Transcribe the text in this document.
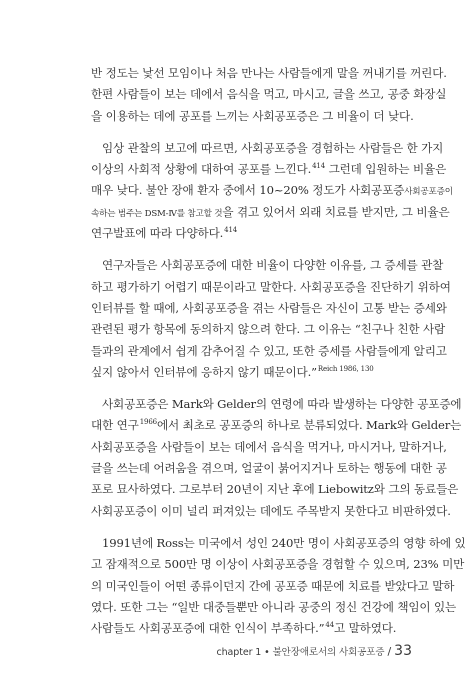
반 정도는 낯선 모임이나 처음 만나는 사람들에게 말을 꺼내기를 꺼린다.
한편 사람들이 보는 데에서 음식을 먹고, 마시고, 글을 쓰고, 공중 화장실
을 이용하는 데에 공포를 느끼는 사회공포증은 그 비율이 더 낮다.
임상 관찰의 보고에 따르면, 사회공포증을 경험하는 사람들은 한 가지
이상의 사회적 상황에 대하여 공포를 느낀다.$^{414}$ 그런데 입원하는 비율은
매우 낮다. 불안 장애 환자 중에서 10~20% 정도가 사회공포증사회공포증이
속하는 범주는 DSM-Ⅳ를 참고할 것을 겪고 있어서 외래 치료를 받지만, 그 비율은
연구발표에 따라 다양하다.$^{414}$
연구자들은 사회공포증에 대한 비율이 다양한 이유를, 그 증세를 관찰
하고 평가하기 어렵기 때문이라고 말한다. 사회공포증을 진단하기 위하여
인터뷰를 할 때에, 사회공포증을 겪는 사람들은 자신이 고통 받는 증세와
관련된 평가 항목에 동의하지 않으려 한다. 그 이유는 “친구나 친한 사람
들과의 관계에서 쉽게 감추어질 수 있고, 또한 증세를 사람들에게 알리고
싶지 않아서 인터뷰에 응하지 않기 때문이다.”$^{Reich 1986, 130}$
사회공포증은 Mark와 Gelder의 연령에 따라 발생하는 다양한 공포증에
대한 연구$^{1966}$에서 최초로 공포증의 하나로 분류되었다. Mark와 Gelder는
사회공포증을 사람들이 보는 데에서 음식을 먹거나, 마시거나, 말하거나,
글을 쓰는데 어려움을 겪으며, 얼굴이 붉어지거나 토하는 행동에 대한 공
포로 묘사하였다. 그로부터 20년이 지난 후에 Liebowitz와 그의 동료들은
사회공포증이 이미 널리 퍼져있는 데에도 주목받지 못한다고 비판하였다.
1991년에 Ross는 미국에서 성인 240만 명이 사회공포증의 영향 하에 있
고 잠재적으로 500만 명 이상이 사회공포증을 경험할 수 있으며, 23% 미만
의 미국인들이 어떤 종류이던지 간에 공포증 때문에 치료를 받았다고 말하
였다. 또한 그는 “일반 대중들뿐만 아니라 공중의 정신 건강에 책임이 있는
사람들도 사회공포증에 대한 인식이 부족하다.”$^{44}$고 말하였다.
chapter 1 • 불안장애로서의 사회공포증 / 33
